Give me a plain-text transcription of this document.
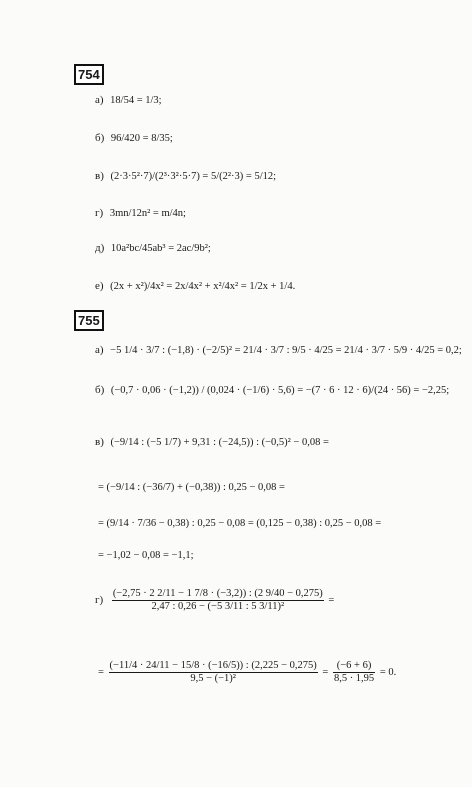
754
а) 18/54 = 1/3;
б) 96/420 = 8/35;
в) (2·3·5²·7)/(2³·3²·5·7) = 5/(2²·3) = 5/12;
г) 3mn/12n² = m/4n;
д) 10a²bc/45ab³ = 2ac/9b²;
е) (2x + x²)/4x² = 2x/4x² + x²/4x² = 1/2x + 1/4.
755
а) −5 1/4 · 3/7 : (−1,8) · (−2/5)² = 21/4 · 3/7 : 9/5 · 4/25 = 21/4 · 3/7 · 5/9 · 4/25 = 0,2;
б) (−0,7 · 0,06 · (−1,2)) / (0,024 · (−1/6) · 5,6) = −(7 · 6 · 12 · 6)/(24 · 56) = −2,25;
в) (−9/14 : (−5 1/7) + 9,31 : (−24,5)) : (−0,5)² − 0,08 =
= (−9/14 : (−36/7) + (−0,38)) : 0,25 − 0,08 =
= (9/14 · 7/36 − 0,38) : 0,25 − 0,08 = (0,125 − 0,38) : 0,25 − 0,08 =
= −1,02 − 0,08 = −1,1;
$г) \frac{(-2,75 \cdot 2 2/11 - 1 7/8 \cdot (-3,2)) : (2 9/40 - 0,275)}{\text{2,47 : 0,26 − (−5 3/11 : 5 3/11)²}}$ =
= $\frac{(-11/4 \cdot 24/11 - 15/8 \cdot (-16/5)) : (2,225 - 0,275)}{\text{9,5 − (−1)²}} = \frac{(-6 + 6)}{8,5 \cdot 1,95} = 0$.
